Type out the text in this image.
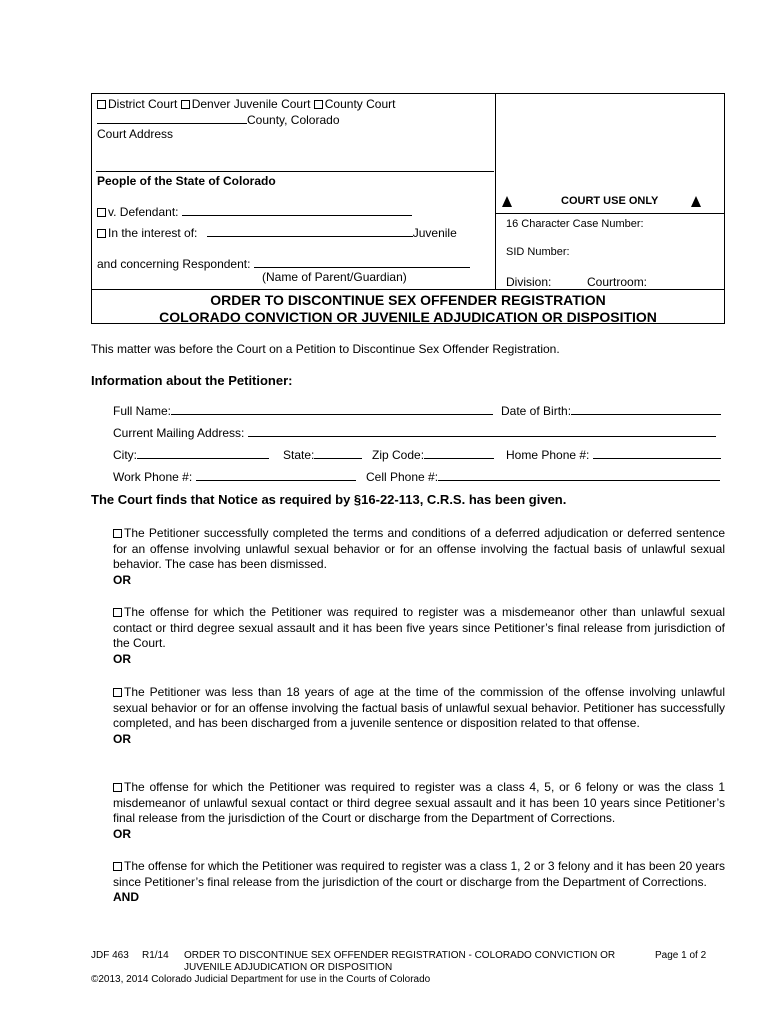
District Court Denver Juvenile Court County Court
County, Colorado
Court Address
People of the State of Colorado
v. Defendant:
In the interest of:	Juvenile
and concerning Respondent:
(Name of Parent/Guardian)
COURT USE ONLY
16 Character Case Number:
SID Number:
Division:	Courtroom:
ORDER TO DISCONTINUE SEX OFFENDER REGISTRATION
COLORADO CONVICTION OR JUVENILE ADJUDICATION OR DISPOSITION
This matter was before the Court on a Petition to Discontinue Sex Offender Registration.
Information about the Petitioner:
Full Name:	Date of Birth:
Current Mailing Address:
City:	State:	Zip Code:	Home Phone #:
Work Phone #:	Cell Phone #:
The Court finds that Notice as required by §16-22-113, C.R.S. has been given.
The Petitioner successfully completed the terms and conditions of a deferred adjudication or deferred sentence for an offense involving unlawful sexual behavior or for an offense involving the factual basis of unlawful sexual behavior. The case has been dismissed.
OR
The offense for which the Petitioner was required to register was a misdemeanor other than unlawful sexual contact or third degree sexual assault and it has been five years since Petitioner’s final release from jurisdiction of the Court.
OR
The Petitioner was less than 18 years of age at the time of the commission of the offense involving unlawful sexual behavior or for an offense involving the factual basis of unlawful sexual behavior. Petitioner has successfully completed, and has been discharged from a juvenile sentence or disposition related to that offense.
OR
The offense for which the Petitioner was required to register was a class 4, 5, or 6 felony or was the class 1 misdemeanor of unlawful sexual contact or third degree sexual assault and it has been 10 years since Petitioner’s final release from the jurisdiction of the Court or discharge from the Department of Corrections.
OR
The offense for which the Petitioner was required to register was a class 1, 2 or 3 felony and it has been 20 years since Petitioner’s final release from the jurisdiction of the court or discharge from the Department of Corrections.
AND
JDF 463 R1/14 ORDER TO DISCONTINUE SEX OFFENDER REGISTRATION - COLORADO CONVICTION OR
JUVENILE ADJUDICATION OR DISPOSITION
Page 1 of 2
©2013, 2014 Colorado Judicial Department for use in the Courts of Colorado
